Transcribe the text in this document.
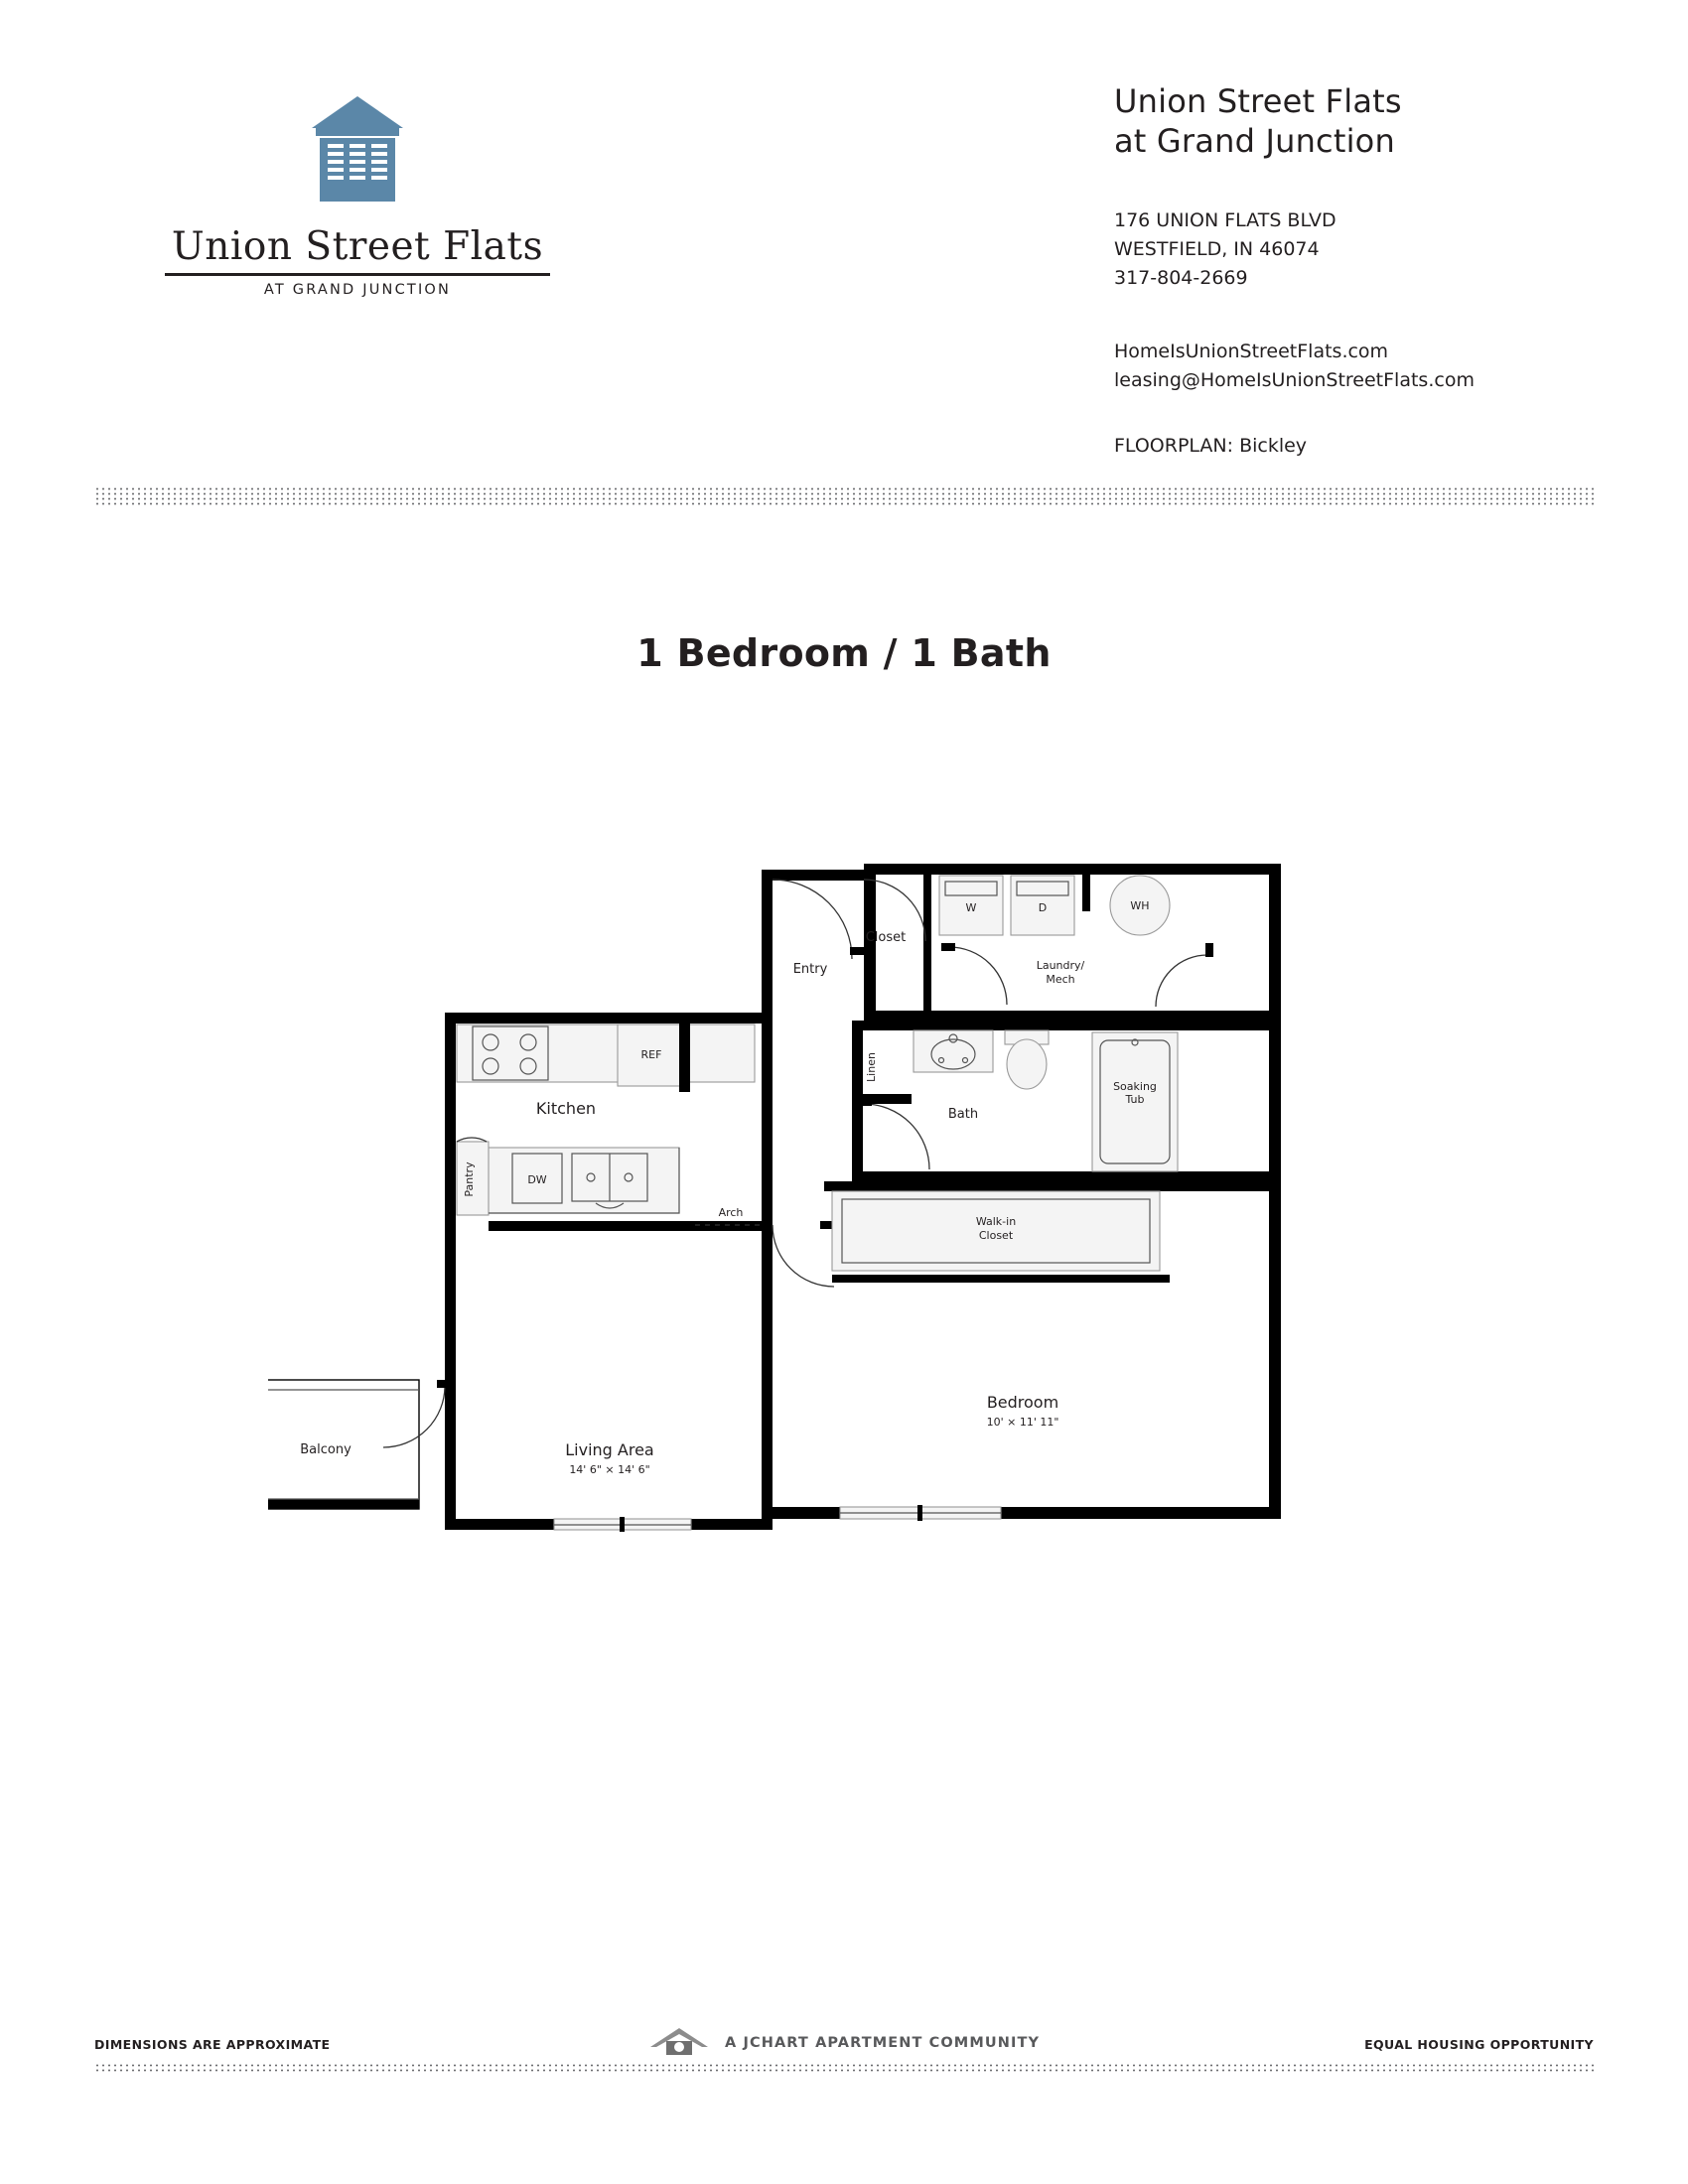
Union Street Flats
AT GRAND JUNCTION
Union Street Flats
at Grand Junction
176 UNION FLATS BLVD
WESTFIELD, IN 46074
317-804-2669
HomeIsUnionStreetFlats.com
leasing@HomeIsUnionStreetFlats.com
FLOORPLAN: Bickley
1 Bedroom / 1 Bath
W	D	WH
Closet
Entry	Laundry/
Mech
Linen
Soaking
Tub
Bath
REF
DW
Pantry
Kitchen
Arch
Living Area
14' 6" × 14' 6"
Balcony
Walk-in
Closet
Bedroom
10' × 11' 11"
DIMENSIONS ARE APPROXIMATE	A JCHART APARTMENT COMMUNITY	EQUAL HOUSING OPPORTUNITY
